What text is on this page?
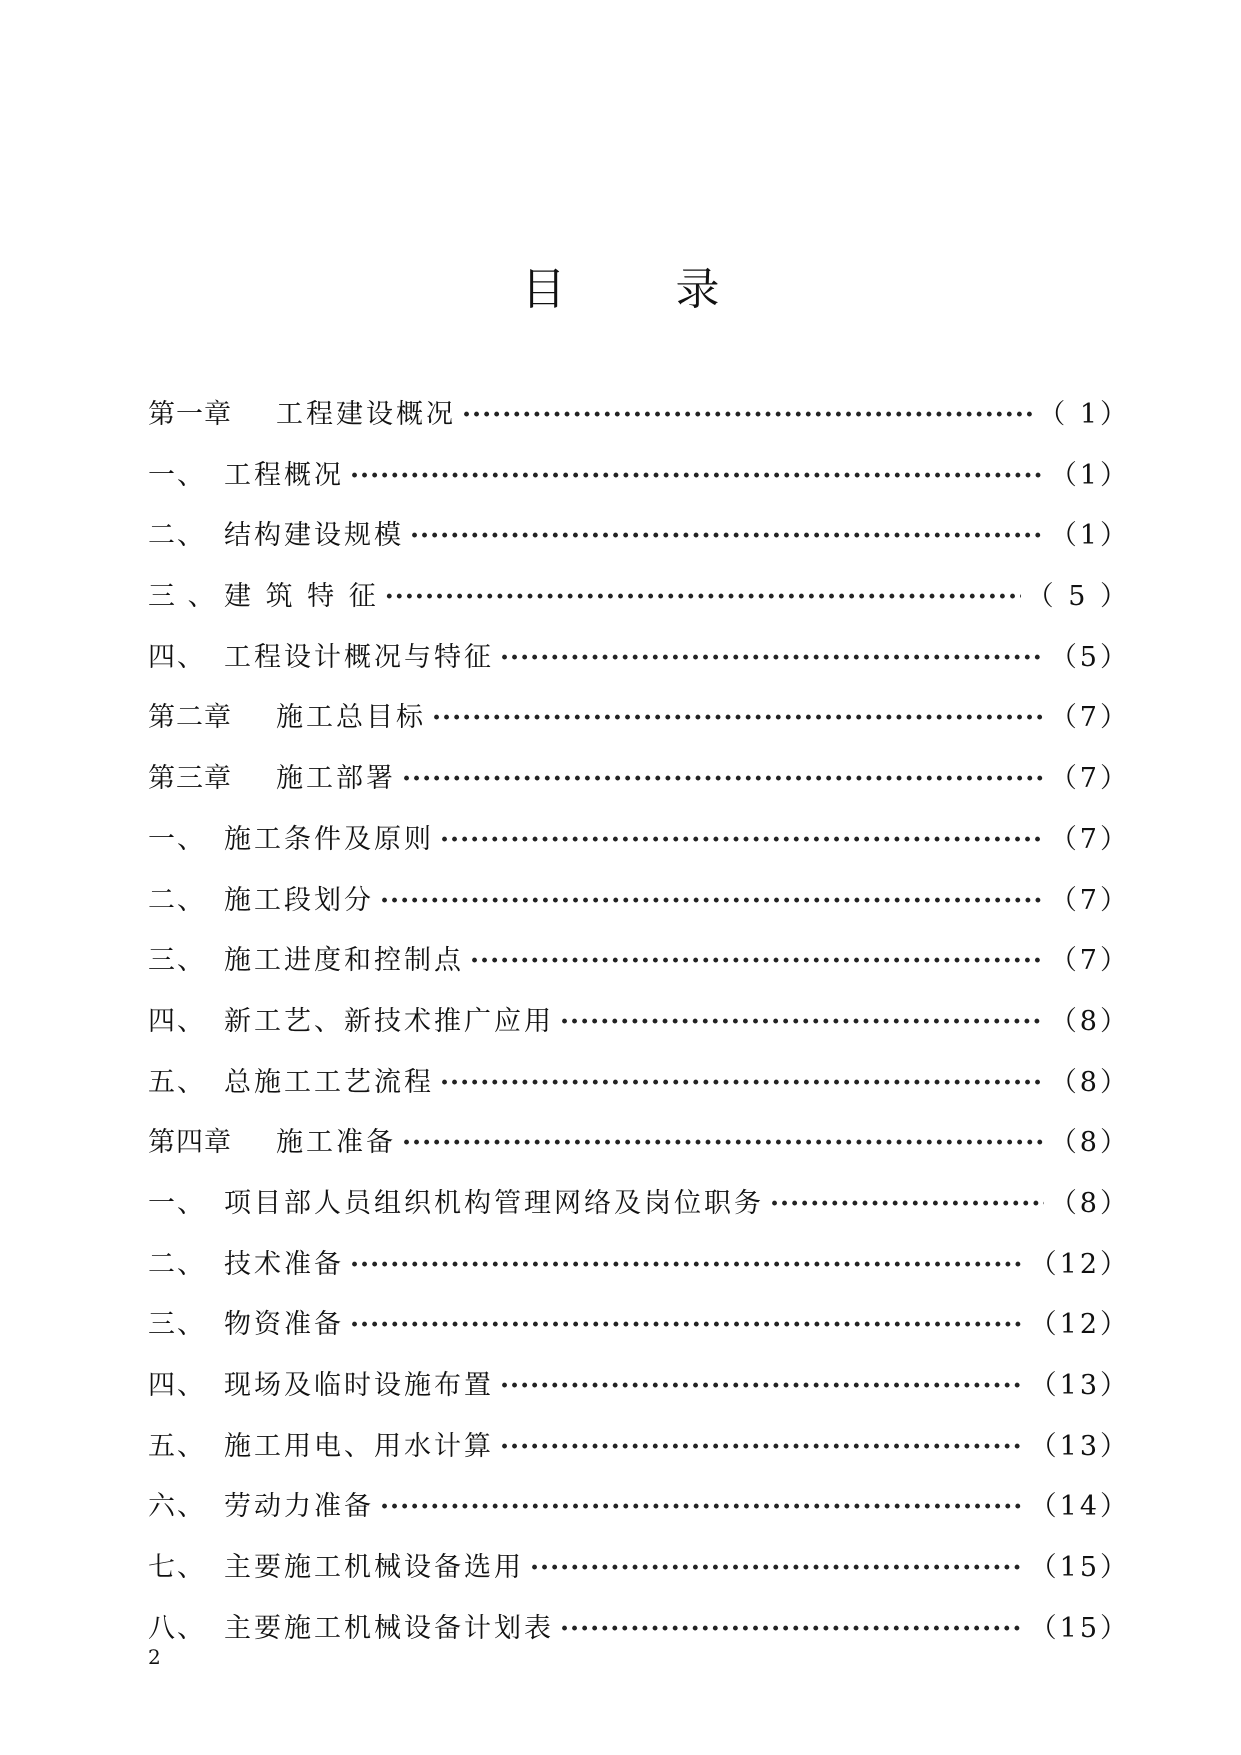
目	录
第一章	工程建设概况 ·····	（ 1）
一、 工程概况 ·····	（1）
二、 结构建设规模 ·····	（1）
三 、 建 筑 特 征 ·····	（ 5 ）
四、 工程设计概况与特征 ·····	（5）
第二章	施工总目标 ·····	（7）
第三章	施工部署 ·····	（7）
一、 施工条件及原则 ·····	（7）
二、 施工段划分 ·····	（7）
三、 施工进度和控制点 ·····	（7）
四、 新工艺、新技术推广应用 ·····	（8）
五、 总施工工艺流程 ·····	（8）
第四章	施工准备 ·····	（8）
一、 项目部人员组织机构管理网络及岗位职务 ·····	（8）
二、 技术准备 ·····	（12）
三、 物资准备 ·····	（12）
四、 现场及临时设施布置 ·····	（13）
五、 施工用电、用水计算 ·····	（13）
六、 劳动力准备 ·····	（14）
七、 主要施工机械设备选用 ·····	（15）
八、 主要施工机械设备计划表 ·····	（15）
2
